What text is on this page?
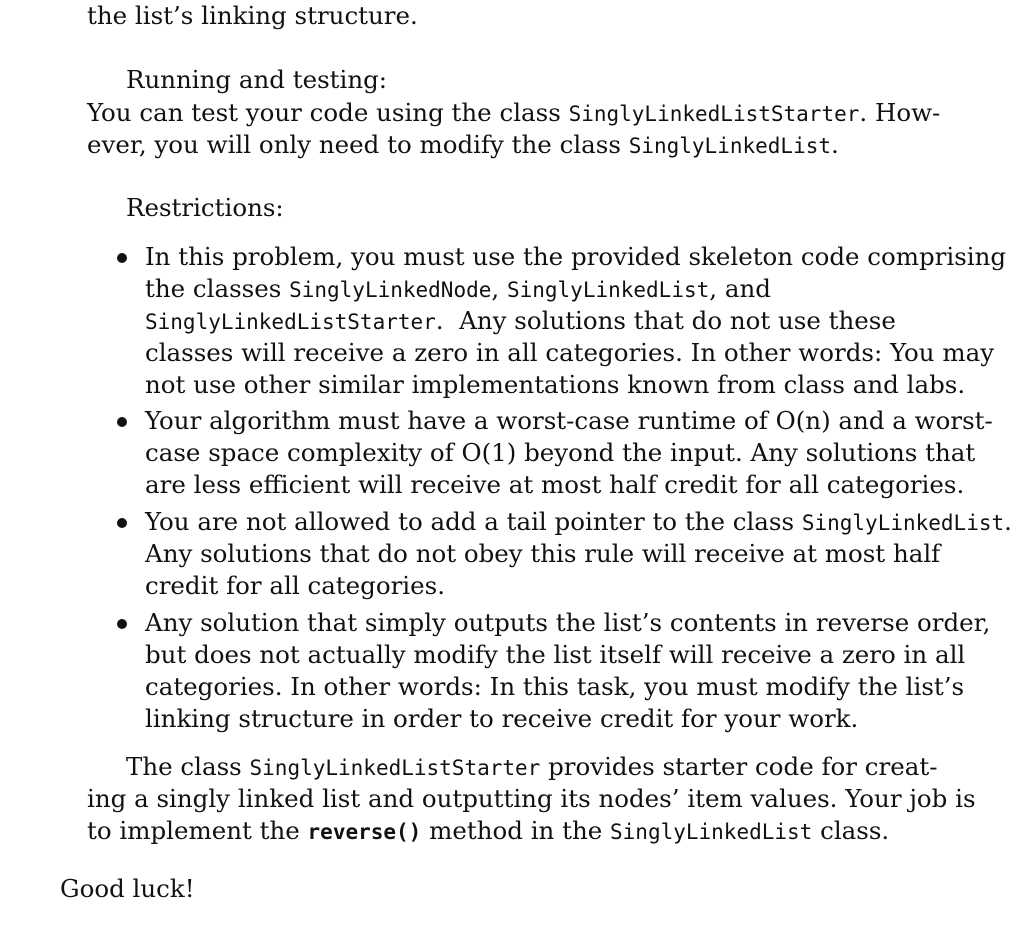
the list’s linking structure.
Running and testing:
You can test your code using the class SinglyLinkedListStarter. How-
ever, you will only need to modify the class SinglyLinkedList.
Restrictions:
In this problem, you must use the provided skeleton code comprising
the classes SinglyLinkedNode, SinglyLinkedList, and
SinglyLinkedListStarter.  Any solutions that do not use these
classes will receive a zero in all categories. In other words: You may
not use other similar implementations known from class and labs.
Your algorithm must have a worst-case runtime of O(n) and a worst-
case space complexity of O(1) beyond the input. Any solutions that
are less efficient will receive at most half credit for all categories.
You are not allowed to add a tail pointer to the class SinglyLinkedList.
Any solutions that do not obey this rule will receive at most half
credit for all categories.
Any solution that simply outputs the list’s contents in reverse order,
but does not actually modify the list itself will receive a zero in all
categories. In other words: In this task, you must modify the list’s
linking structure in order to receive credit for your work.
The class SinglyLinkedListStarter provides starter code for creat-
ing a singly linked list and outputting its nodes’ item values. Your job is
to implement the reverse() method in the SinglyLinkedList class.
Good luck!
